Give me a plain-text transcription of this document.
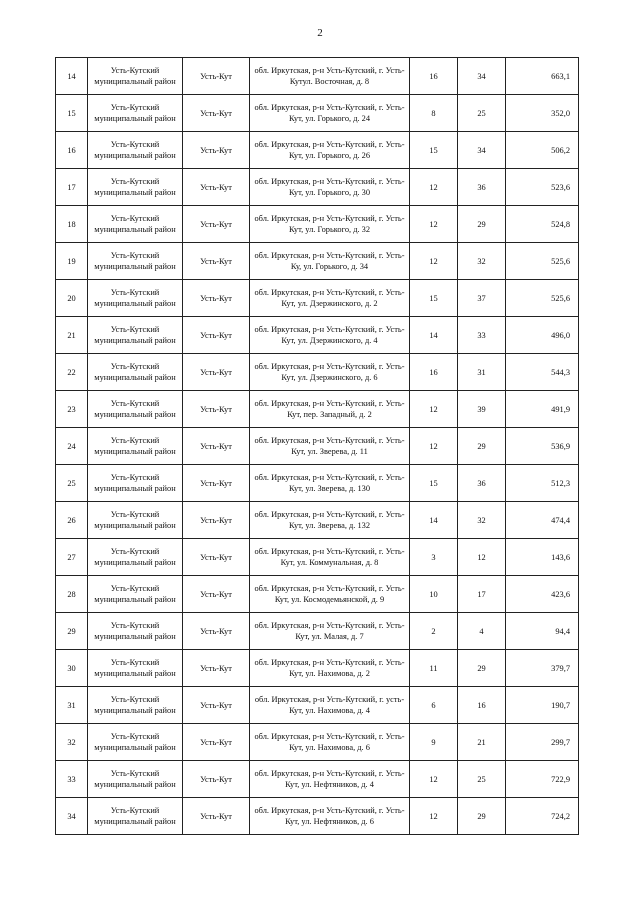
2
14	Усть-Кутский муниципальный район	Усть-Кут	обл. Иркутская, р-н Усть-Кутский, г. Усть-Кутул. Восточная, д. 8	16	34	663,1
15	Усть-Кутский муниципальный район	Усть-Кут	обл. Иркутская, р-н Усть-Кутский, г. Усть-Кут, ул. Горького, д. 24	8	25	352,0
16	Усть-Кутский муниципальный район	Усть-Кут	обл. Иркутская, р-н Усть-Кутский, г. Усть-Кут, ул. Горького, д. 26	15	34	506,2
17	Усть-Кутский муниципальный район	Усть-Кут	обл. Иркутская, р-н Усть-Кутский, г. Усть-Кут, ул. Горького, д. 30	12	36	523,6
18	Усть-Кутский муниципальный район	Усть-Кут	обл. Иркутская, р-н Усть-Кутский, г. Усть-Кут, ул. Горького, д. 32	12	29	524,8
19	Усть-Кутский муниципальный район	Усть-Кут	обл. Иркутская, р-н Усть-Кутский, г. Усть-Ку, ул. Горького, д. 34	12	32	525,6
20	Усть-Кутский муниципальный район	Усть-Кут	обл. Иркутская, р-н Усть-Кутский, г. Усть-Кут, ул. Дзержинского, д. 2	15	37	525,6
21	Усть-Кутский муниципальный район	Усть-Кут	обл. Иркутская, р-н Усть-Кутский, г. Усть-Кут, ул. Дзержинского, д. 4	14	33	496,0
22	Усть-Кутский муниципальный район	Усть-Кут	обл. Иркутская, р-н Усть-Кутский, г. Усть-Кут, ул. Дзержинского, д. 6	16	31	544,3
23	Усть-Кутский муниципальный район	Усть-Кут	обл. Иркутская, р-н Усть-Кутский, г. Усть-Кут, пер. Западный, д. 2	12	39	491,9
24	Усть-Кутский муниципальный район	Усть-Кут	обл. Иркутская, р-н Усть-Кутский, г. Усть-Кут, ул. Зверева, д. 11	12	29	536,9
25	Усть-Кутский муниципальный район	Усть-Кут	обл. Иркутская, р-н Усть-Кутский, г. Усть-Кут, ул. Зверева, д. 130	15	36	512,3
26	Усть-Кутский муниципальный район	Усть-Кут	обл. Иркутская, р-н Усть-Кутский, г. Усть-Кут, ул. Зверева, д. 132	14	32	474,4
27	Усть-Кутский муниципальный район	Усть-Кут	обл. Иркутская, р-н Усть-Кутский, г. Усть-Кут, ул. Коммунальная, д. 8	3	12	143,6
28	Усть-Кутский муниципальный район	Усть-Кут	обл. Иркутская, р-н Усть-Кутский, г. Усть-Кут, ул. Космодемьянской, д. 9	10	17	423,6
29	Усть-Кутский муниципальный район	Усть-Кут	обл. Иркутская, р-н Усть-Кутский, г. Усть-Кут, ул. Малая, д. 7	2	4	94,4
30	Усть-Кутский муниципальный район	Усть-Кут	обл. Иркутская, р-н Усть-Кутский, г. Усть-Кут, ул. Нахимова, д. 2	11	29	379,7
31	Усть-Кутский муниципальный район	Усть-Кут	обл. Иркутская, р-н Усть-Кутский, г. усть-Кут, ул. Нахимова, д. 4	6	16	190,7
32	Усть-Кутский муниципальный район	Усть-Кут	обл. Иркутская, р-н Усть-Кутский, г. Усть-Кут, ул. Нахимова, д. 6	9	21	299,7
33	Усть-Кутский муниципальный район	Усть-Кут	обл. Иркутская, р-н Усть-Кутский, г. Усть-Кут, ул. Нефтяников, д. 4	12	25	722,9
34	Усть-Кутский муниципальный район	Усть-Кут	обл. Иркутская, р-н Усть-Кутский, г. Усть-Кут, ул. Нефтяников, д. 6	12	29	724,2
